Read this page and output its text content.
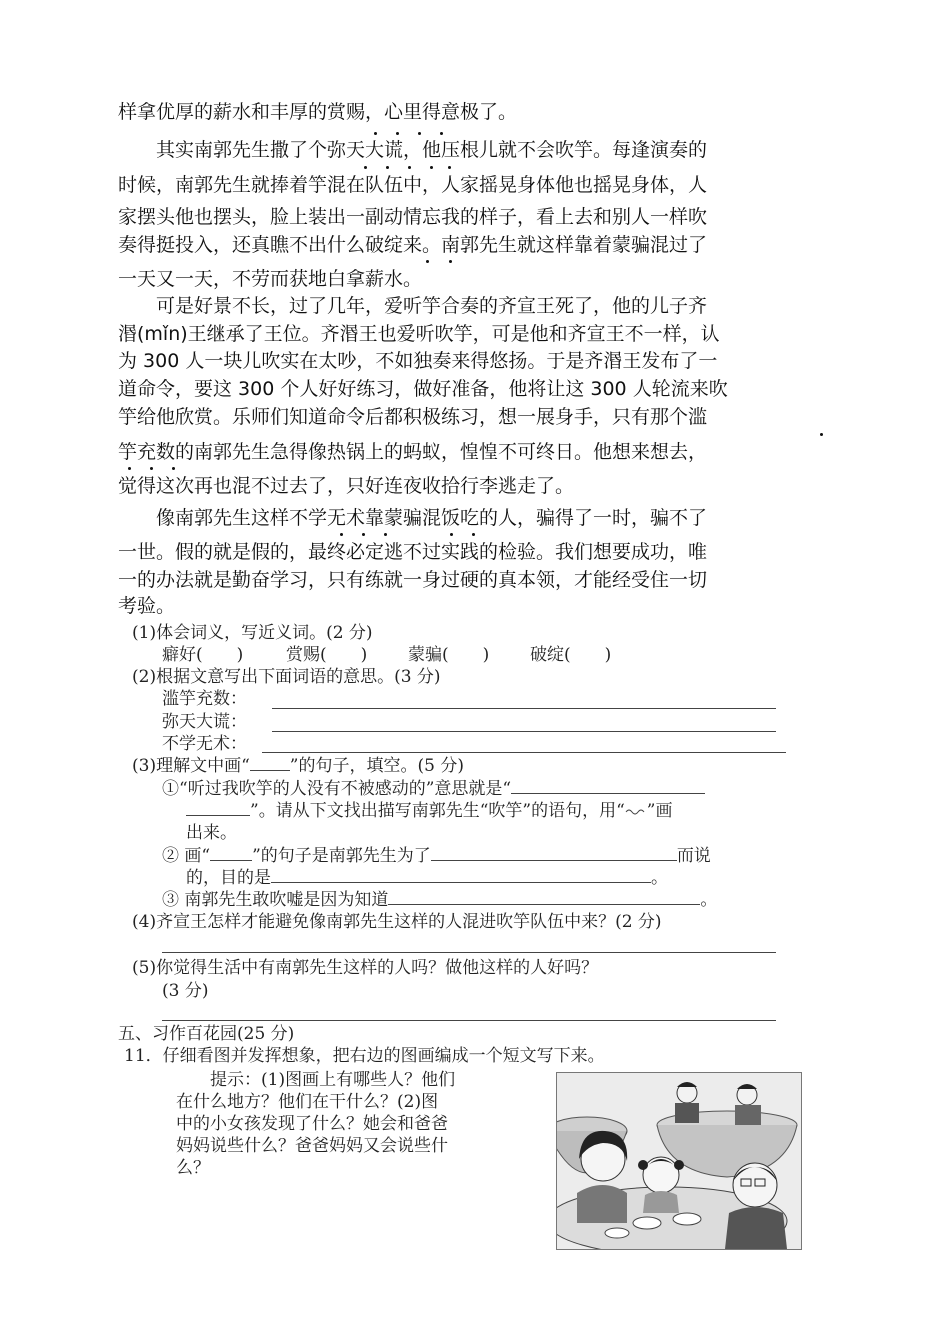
样拿优厚的薪水和丰厚的赏赐，心里得意极了。
　　其实南郭先生撒了个弥天大谎，他压根儿就不会吹竽。每逢演奏的
时候，南郭先生就捧着竽混在队伍中，人家摇晃身体他也摇晃身体，人
家摆头他也摆头，脸上装出一副动情忘我的样子，看上去和别人一样吹
奏得挺投入，还真瞧不出什么破绽来。南郭先生就这样靠着蒙骗混过了
一天又一天，不劳而获地白拿薪水。
　　可是好景不长，过了几年，爱听竽合奏的齐宣王死了，他的儿子齐
湣(mǐn)王继承了王位。齐湣王也爱听吹竽，可是他和齐宣王不一样，认
为 300 人一块儿吹实在太吵，不如独奏来得悠扬。于是齐湣王发布了一
道命令，要这 300 个人好好练习，做好准备，他将让这 300 人轮流来吹
竽给他欣赏。乐师们知道命令后都积极练习，想一展身手，只有那个滥
竽充数的南郭先生急得像热锅上的蚂蚁，惶惶不可终日。他想来想去，
觉得这次再也混不过去了，只好连夜收拾行李逃走了。
　　像南郭先生这样不学无术靠蒙骗混饭吃的人，骗得了一时，骗不了
一世。假的就是假的，最终必定逃不过实践的检验。我们想要成功，唯
一的办法就是勤奋学习，只有练就一身过硬的真本领，才能经受住一切
考验。
(1)体会词义，写近义词。(2 分)
癖好(　　)	赏赐(　　) 蒙骗(　　) 破绽(　　)
(2)根据文意写出下面词语的意思。(3 分)
滥竽充数：
弥天大谎：
不学无术：
(3)理解文中画“ ”的句子，填空。(5 分)
①“听过我吹竽的人没有不被感动的”意思就是“
”。请从下文找出描写南郭先生“吹竽”的语句，用“ ”画
出来。
② 画“ ”的句子是南郭先生为了	而说
的，目的是	。
③ 南郭先生敢吹嘘是因为知道	。
(4)齐宣王怎样才能避免像南郭先生这样的人混进吹竽队伍中来？(2 分)
(5)你觉得生活中有南郭先生这样的人吗？做他这样的人好吗？
(3 分)
五、习作百花园(25 分)
11．仔细看图并发挥想象，把右边的图画编成一个短文写下来。
　　提示：(1)图画上有哪些人？他们
在什么地方？他们在干什么？(2)图
中的小女孩发现了什么？她会和爸爸
妈妈说些什么？爸爸妈妈又会说些什
么？
